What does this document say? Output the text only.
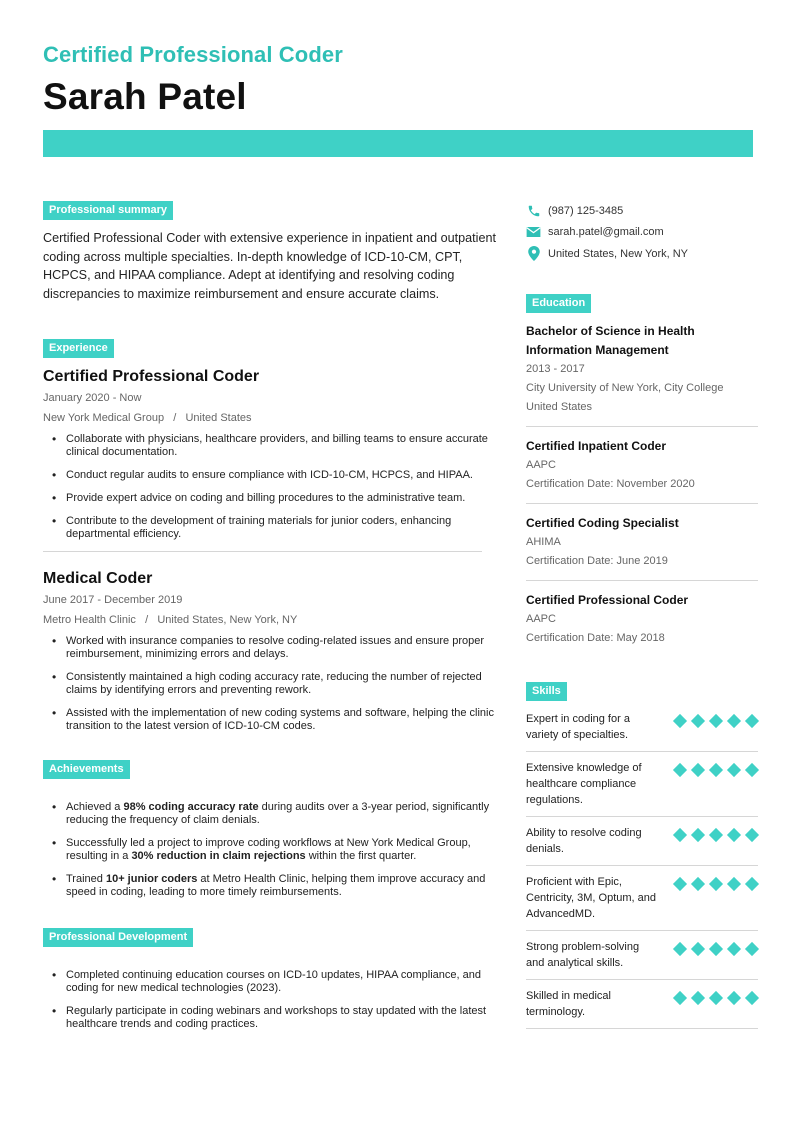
Certified Professional Coder
Sarah Patel
Professional summary

Certified Professional Coder with extensive experience in inpatient and outpatient coding across multiple specialties. In-depth knowledge of ICD-10-CM, CPT, HCPCS, and HIPAA compliance. Adept at identifying and resolving coding discrepancies to maximize reimbursement and ensure accurate claims.

Experience
Certified Professional Coder
January 2020 - Now
New York Medical Group   /   United States
• Collaborate with physicians, healthcare providers, and billing teams to ensure accurate clinical documentation.
• Conduct regular audits to ensure compliance with ICD-10-CM, HCPCS, and HIPAA.
• Provide expert advice on coding and billing procedures to the administrative team.
• Contribute to the development of training materials for junior coders, enhancing departmental efficiency.
Medical Coder
June 2017 - December 2019
Metro Health Clinic   /   United States, New York, NY
• Worked with insurance companies to resolve coding-related issues and ensure proper reimbursement, minimizing errors and delays.
• Consistently maintained a high coding accuracy rate, reducing the number of rejected claims by identifying errors and preventing rework.
• Assisted with the implementation of new coding systems and software, helping the clinic transition to the latest version of ICD-10-CM codes.
Achievements
• Achieved a 98% coding accuracy rate during audits over a 3-year period, significantly reducing the frequency of claim denials.
• Successfully led a project to improve coding workflows at New York Medical Group, resulting in a 30% reduction in claim rejections within the first quarter.
• Trained 10+ junior coders at Metro Health Clinic, helping them improve accuracy and speed in coding, leading to more timely reimbursements.
Professional Development
• Completed continuing education courses on ICD-10 updates, HIPAA compliance, and coding for new medical technologies (2023).
• Regularly participate in coding webinars and workshops to stay updated with the latest healthcare trends and coding practices.
(987) 125-3485
sarah.patel@gmail.com
United States, New York, NY
Education
Bachelor of Science in Health Information Management
2013 - 2017
City University of New York, City College
United States
Certified Inpatient Coder
AAPC
Certification Date: November 2020
Certified Coding Specialist
AHIMA
Certification Date: June 2019
Certified Professional Coder
AAPC
Certification Date: May 2018
Skills
Expert in coding for a variety of specialties.
Extensive knowledge of healthcare compliance regulations.
Ability to resolve coding denials.
Proficient with Epic, Centricity, 3M, Optum, and AdvancedMD.
Strong problem-solving and analytical skills.
Skilled in medical terminology.
